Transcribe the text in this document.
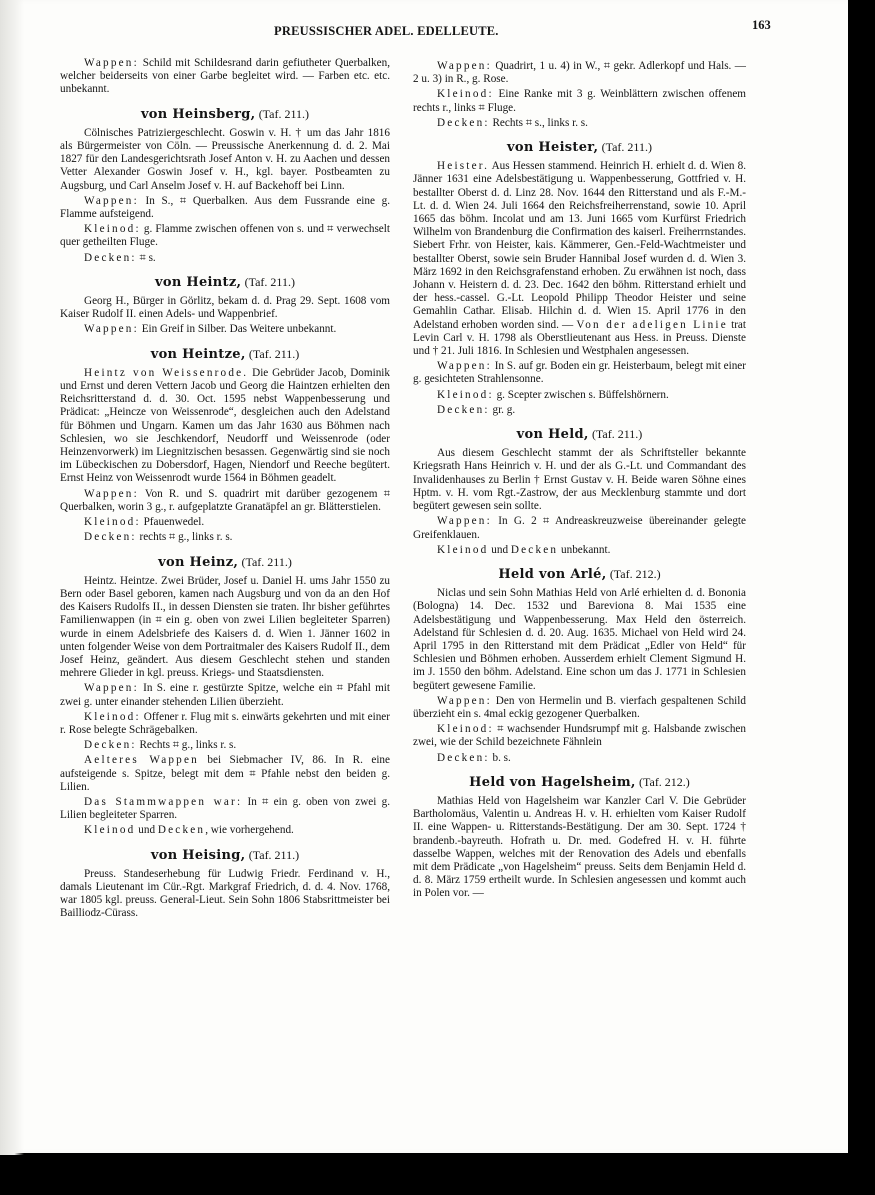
PREUSSISCHER ADEL. EDELLEUTE.	163

Wappen: Schild mit Schildesrand darin gefiutheter Querbalken, welcher beiderseits von einer Garbe begleitet wird. — Farben etc. etc. unbekannt.

von Heinsberg, (Taf. 211.)

Cölnisches Patriziergeschlecht. Goswin v. H. † um das Jahr 1816 als Bürgermeister von Cöln. — Preussische Anerkennung d. d. 2. Mai 1827 für den Landesgerichtsrath Josef Anton v. H. zu Aachen und dessen Vetter Alexander Goswin Josef v. H., kgl. bayer. Postbeamten zu Augsburg, und Carl Anselm Josef v. H. auf Backehoff bei Linn.

Wappen: In S., ⌗ Querbalken. Aus dem Fussrande eine g. Flamme aufsteigend.

Kleinod: g. Flamme zwischen offenen von s. und ⌗ verwechselt quer getheilten Fluge.

Decken: ⌗ s.

von Heintz, (Taf. 211.)

Georg H., Bürger in Görlitz, bekam d. d. Prag 29. Sept. 1608 vom Kaiser Rudolf II. einen Adels- und Wappenbrief.

Wappen: Ein Greif in Silber. Das Weitere unbekannt.

von Heintze, (Taf. 211.)

Heintz von Weissenrode. Die Gebrüder Jacob, Dominik und Ernst und deren Vettern Jacob und Georg die Haintzen erhielten den Reichsritterstand d. d. 30. Oct. 1595 nebst Wappenbesserung und Prädicat: „Heincze von Weissenrode“, desgleichen auch den Adelstand für Böhmen und Ungarn. Kamen um das Jahr 1630 aus Böhmen nach Schlesien, wo sie Jeschkendorf, Neudorff und Weissenrode (oder Heinzenvorwerk) im Liegnitzischen besassen. Gegenwärtig sind sie noch im Lübeckischen zu Dobersdorf, Hagen, Niendorf und Reeche begütert. Ernst Heinz von Weissenrodt wurde 1564 in Böhmen geadelt.

Wappen: Von R. und S. quadrirt mit darüber gezogenem ⌗ Querbalken, worin 3 g., r. aufgeplatzte Granatäpfel an gr. Blätterstielen.

Kleinod: Pfauenwedel.

Decken: rechts ⌗ g., links r. s.

von Heinz, (Taf. 211.)

Heintz. Heintze. Zwei Brüder, Josef u. Daniel H. ums Jahr 1550 zu Bern oder Basel geboren, kamen nach Augsburg und von da an den Hof des Kaisers Rudolfs II., in dessen Diensten sie traten. Ihr bisher geführtes Familienwappen (in ⌗ ein g. oben von zwei Lilien begleiteter Sparren) wurde in einem Adelsbriefe des Kaisers d. d. Wien 1. Jänner 1602 in unten folgender Weise von dem Portraitmaler des Kaisers Rudolf II., dem Josef Heinz, geändert. Aus diesem Geschlecht stehen und standen mehrere Glieder in kgl. preuss. Kriegs- und Staatsdiensten.

Wappen: In S. eine r. gestürzte Spitze, welche ein ⌗ Pfahl mit zwei g. unter einander stehenden Lilien überzieht.

Kleinod: Offener r. Flug mit s. einwärts gekehrten und mit einer r. Rose belegte Schrägebalken.

Decken: Rechts ⌗ g., links r. s.

Aelteres Wappen bei Siebmacher IV, 86. In R. eine aufsteigende s. Spitze, belegt mit dem ⌗ Pfahle nebst den beiden g. Lilien.

Das Stammwappen war: In ⌗ ein g. oben von zwei g. Lilien begleiteter Sparren.

Kleinod und Decken, wie vorhergehend.

von Heising, (Taf. 211.)

Preuss. Standeserhebung für Ludwig Friedr. Ferdinand v. H., damals Lieutenant im Cür.-Rgt. Markgraf Friedrich, d. d. 4. Nov. 1768, war 1805 kgl. preuss. General-Lieut. Sein Sohn 1806 Stabsrittmeister bei Bailliodz-Cürass.

Wappen: Quadrirt, 1 u. 4) in W., ⌗ gekr. Adlerkopf und Hals. — 2 u. 3) in R., g. Rose.

Kleinod: Eine Ranke mit 3 g. Weinblättern zwischen offenem rechts r., links ⌗ Fluge.

Decken: Rechts ⌗ s., links r. s.

von Heister, (Taf. 211.)

Heister. Aus Hessen stammend. Heinrich H. erhielt d. d. Wien 8. Jänner 1631 eine Adelsbestätigung u. Wappenbesserung, Gottfried v. H. bestallter Oberst d. d. Linz 28. Nov. 1644 den Ritterstand und als F.-M.-Lt. d. d. Wien 24. Juli 1664 den Reichsfreiherrenstand, sowie 10. April 1665 das böhm. Incolat und am 13. Juni 1665 vom Kurfürst Friedrich Wilhelm von Brandenburg die Confirmation des kaiserl. Freiherrnstandes. Siebert Frhr. von Heister, kais. Kämmerer, Gen.-Feld-Wachtmeister und bestallter Oberst, sowie sein Bruder Hannibal Josef wurden d. d. Wien 3. März 1692 in den Reichsgrafenstand erhoben. Zu erwähnen ist noch, dass Johann v. Heistern d. d. 23. Dec. 1642 den böhm. Ritterstand erhielt und der hess.-cassel. G.-Lt. Leopold Philipp Theodor Heister und seine Gemahlin Cathar. Elisab. Hilchin d. d. Wien 15. April 1776 in den Adelstand erhoben worden sind. — Von der adeligen Linie trat Levin Carl v. H. 1798 als Oberstlieutenant aus Hess. in Preuss. Dienste und † 21. Juli 1816. In Schlesien und Westphalen angesessen.

Wappen: In S. auf gr. Boden ein gr. Heisterbaum, belegt mit einer g. gesichteten Strahlensonne.

Kleinod: g. Scepter zwischen s. Büffelshörnern.

Decken: gr. g.

von Held, (Taf. 211.)

Aus diesem Geschlecht stammt der als Schriftsteller bekannte Kriegsrath Hans Heinrich v. H. und der als G.-Lt. und Commandant des Invalidenhauses zu Berlin † Ernst Gustav v. H. Beide waren Söhne eines Hptm. v. H. vom Rgt.-Zastrow, der aus Mecklenburg stammte und dort begütert gewesen sein sollte.

Wappen: In G. 2 ⌗ Andreaskreuzweise übereinander gelegte Greifenklauen.

Kleinod und Decken unbekannt.

Held von Arlé, (Taf. 212.)

Niclas und sein Sohn Mathias Held von Arlé erhielten d. d. Bononia (Bologna) 14. Dec. 1532 und Bareviona 8. Mai 1535 eine Adelsbestätigung und Wappenbesserung. Max Held den österreich. Adelstand für Schlesien d. d. 20. Aug. 1635. Michael von Held wird 24. April 1795 in den Ritterstand mit dem Prädicat „Edler von Held“ für Schlesien und Böhmen erhoben. Ausserdem erhielt Clement Sigmund H. im J. 1550 den böhm. Adelstand. Eine schon um das J. 1771 in Schlesien begütert gewesene Familie.

Wappen: Den von Hermelin und B. vierfach gespaltenen Schild überzieht ein s. 4mal eckig gezogener Querbalken.

Kleinod: ⌗ wachsender Hundsrumpf mit g. Halsbande zwischen zwei, wie der Schild bezeichnete Fähnlein

Decken: b. s.

Held von Hagelsheim, (Taf. 212.)

Mathias Held von Hagelsheim war Kanzler Carl V. Die Gebrüder Bartholomäus, Valentin u. Andreas H. v. H. erhielten vom Kaiser Rudolf II. eine Wappen- u. Ritterstands-Bestätigung. Der am 30. Sept. 1724 † brandenb.-bayreuth. Hofrath u. Dr. med. Godefred H. v. H. führte dasselbe Wappen, welches mit der Renovation des Adels und ebenfalls mit dem Prädicate „von Hagelsheim“ preuss. Seits dem Benjamin Held d. d. 8. März 1759 ertheilt wurde. In Schlesien angesessen und kommt auch in Polen vor. —
